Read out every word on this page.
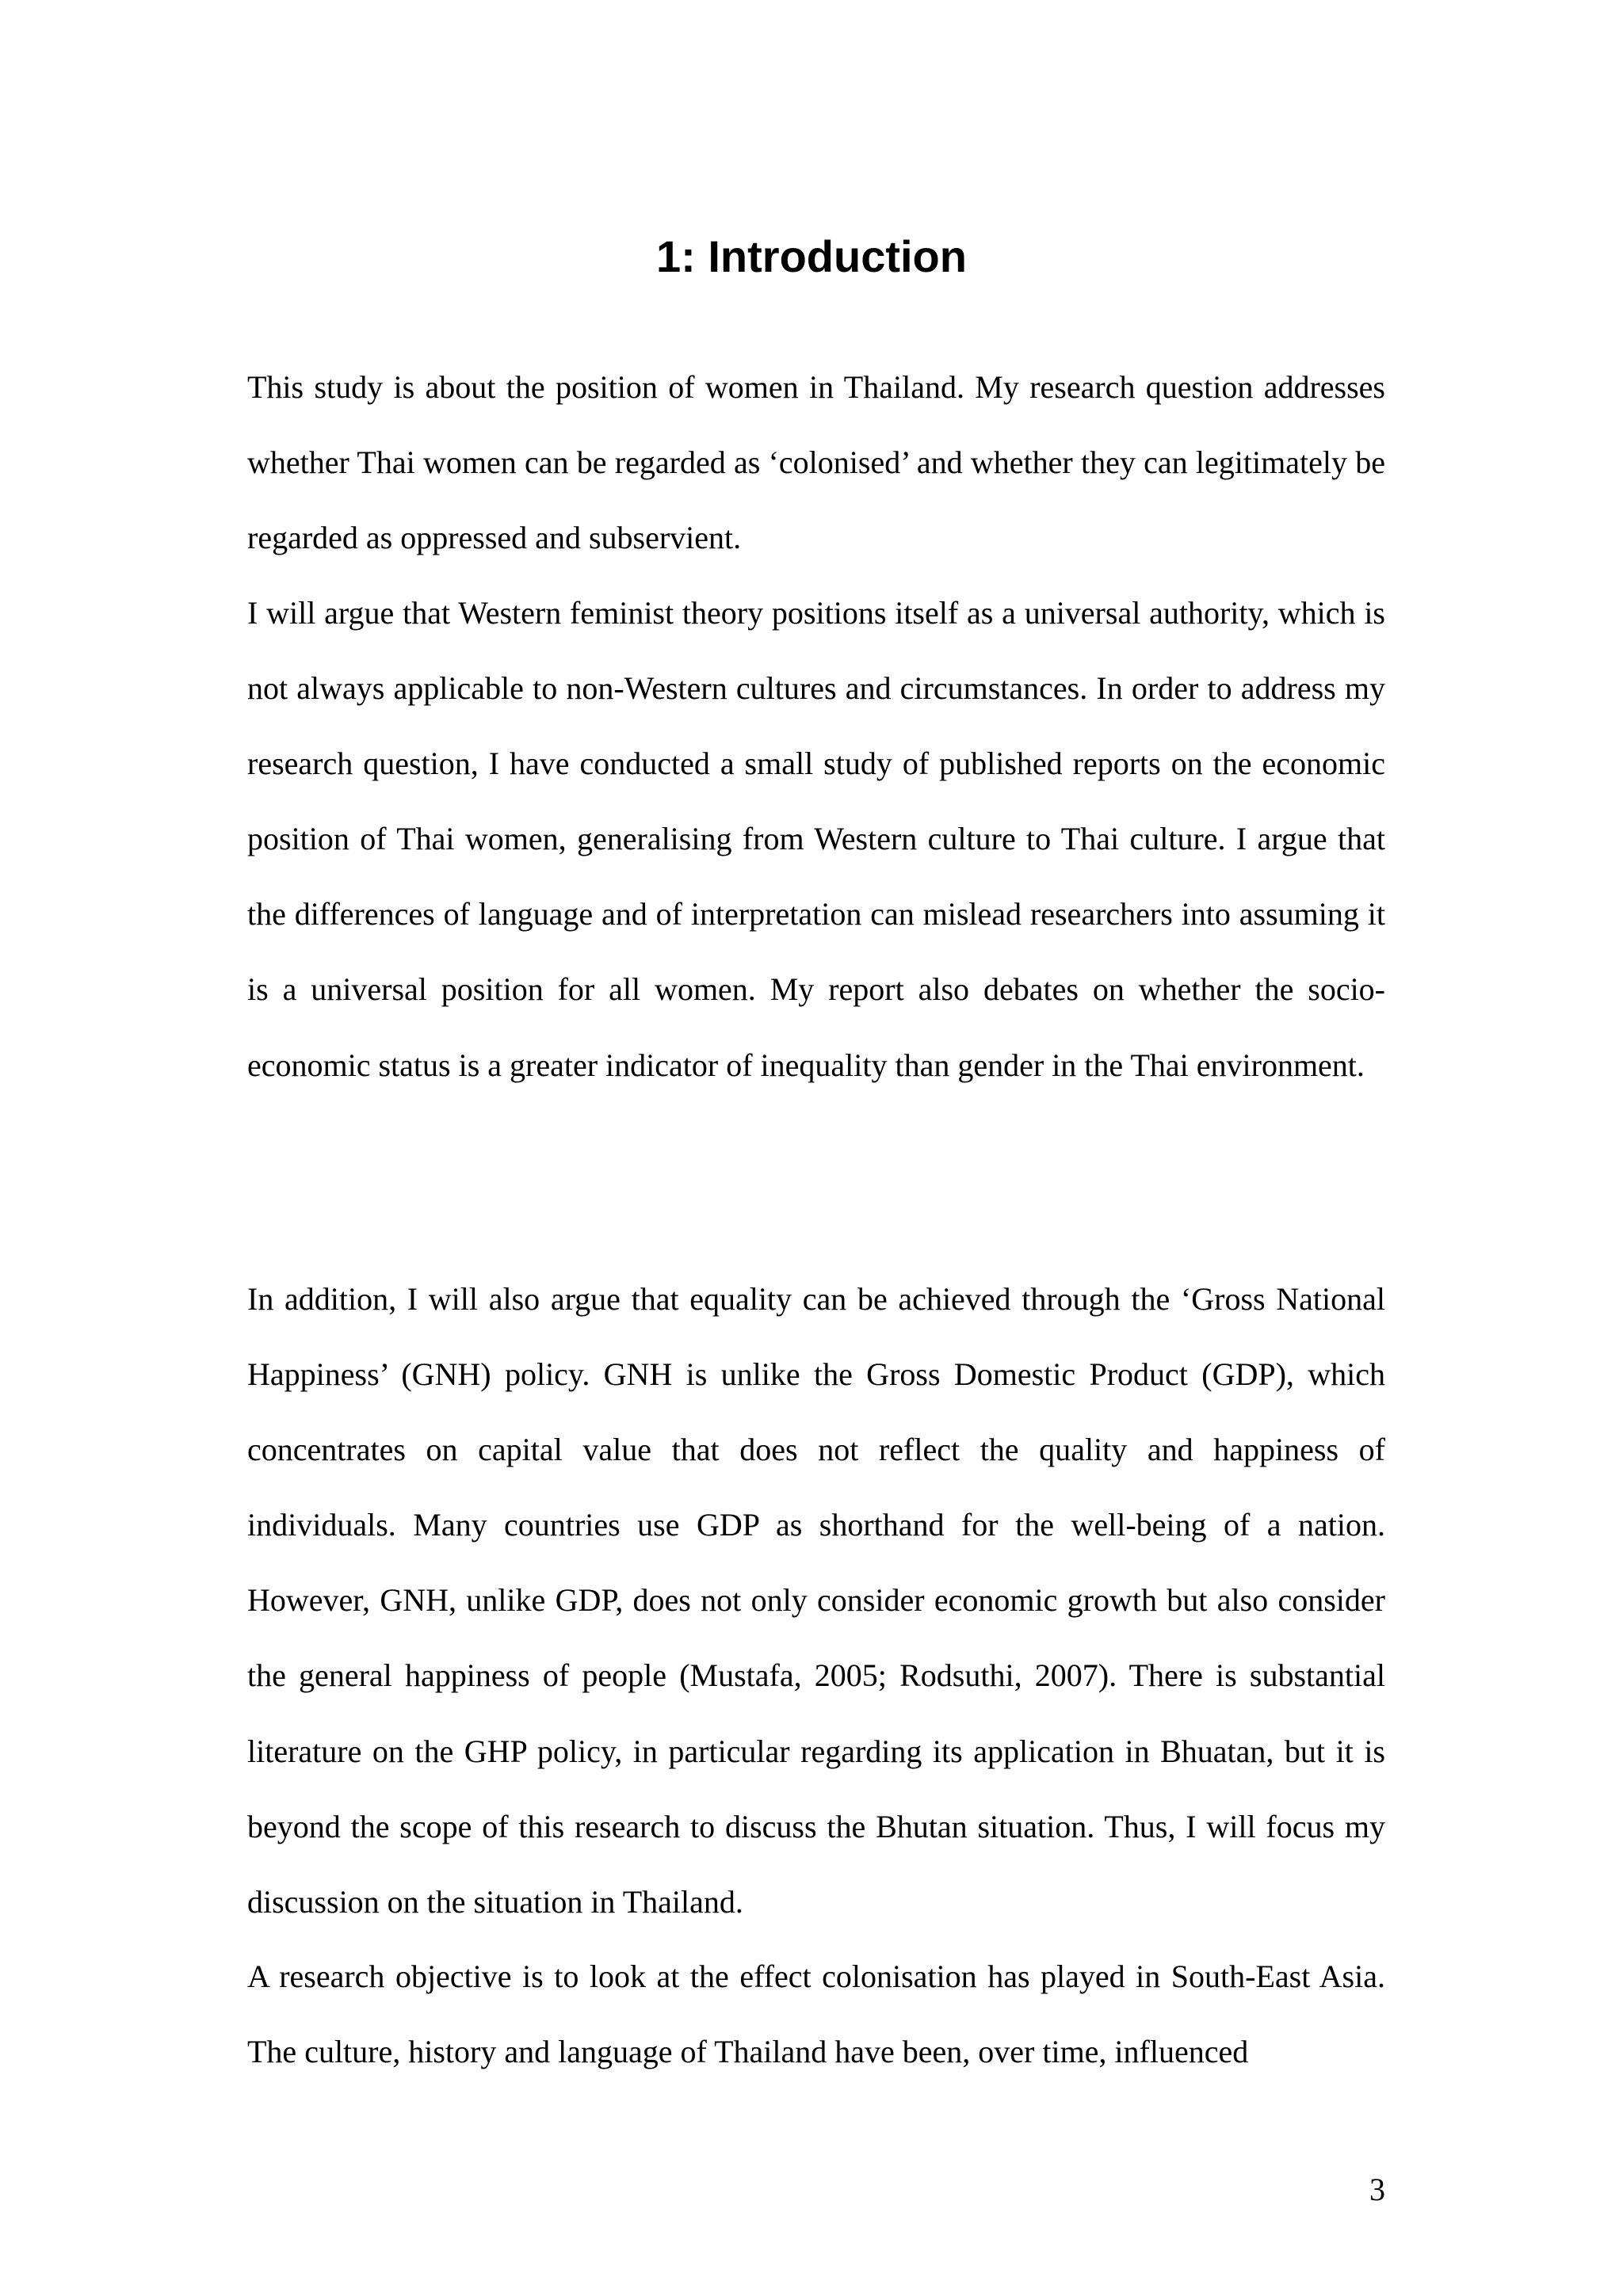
1: Introduction

This study is about the position of women in Thailand. My research question addresses whether Thai women can be regarded as ‘colonised’ and whether they can legitimately be regarded as oppressed and subservient.

I will argue that Western feminist theory positions itself as a universal authority, which is not always applicable to non-Western cultures and circumstances. In order to address my research question, I have conducted a small study of published reports on the economic position of Thai women, generalising from Western culture to Thai culture. I argue that the differences of language and of interpretation can mislead researchers into assuming it is a universal position for all women. My report also debates on whether the socio-economic status is a greater indicator of inequality than gender in the Thai environment.

In addition, I will also argue that equality can be achieved through the ‘Gross National Happiness’ (GNH) policy. GNH is unlike the Gross Domestic Product (GDP), which concentrates on capital value that does not reflect the quality and happiness of individuals. Many countries use GDP as shorthand for the well-being of a nation. However, GNH, unlike GDP, does not only consider economic growth but also consider the general happiness of people (Mustafa, 2005; Rodsuthi, 2007). There is substantial literature on the GHP policy, in particular regarding its application in Bhuatan, but it is beyond the scope of this research to discuss the Bhutan situation. Thus, I will focus my discussion on the situation in Thailand.

A research objective is to look at the effect colonisation has played in South-East Asia. The culture, history and language of Thailand have been, over time, influenced

3
